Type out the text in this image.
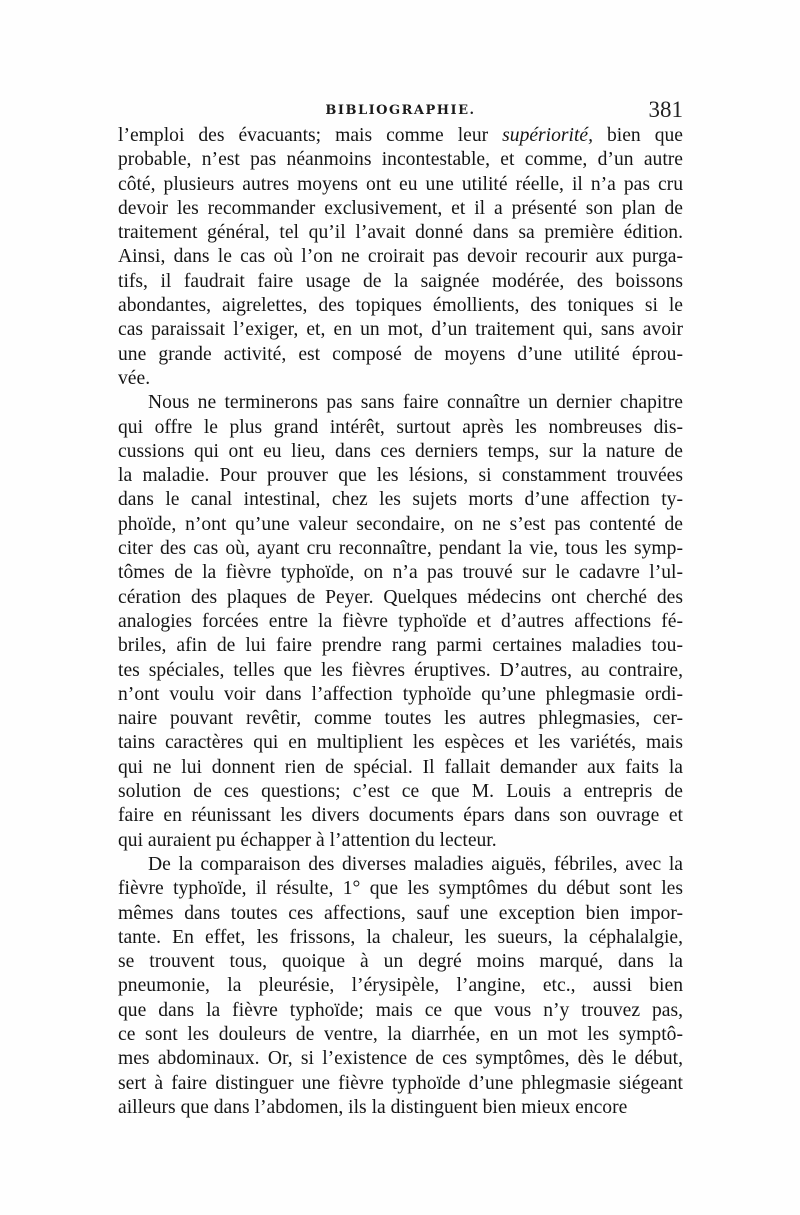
BIBLIOGRAPHIE.	381
l’emploi des évacuants; mais comme leur supériorité, bien que
probable, n’est pas néanmoins incontestable, et comme, d’un autre
côté, plusieurs autres moyens ont eu une utilité réelle, il n’a pas cru
devoir les recommander exclusivement, et il a présenté son plan de
traitement général, tel qu’il l’avait donné dans sa première édition.
Ainsi, dans le cas où l’on ne croirait pas devoir recourir aux purga-
tifs, il faudrait faire usage de la saignée modérée, des boissons
abondantes, aigrelettes, des topiques émollients, des toniques si le
cas paraissait l’exiger, et, en un mot, d’un traitement qui, sans avoir
une grande activité, est composé de moyens d’une utilité éprou-
vée.
Nous ne terminerons pas sans faire connaître un dernier chapitre
qui offre le plus grand intérêt, surtout après les nombreuses dis-
cussions qui ont eu lieu, dans ces derniers temps, sur la nature de
la maladie. Pour prouver que les lésions, si constamment trouvées
dans le canal intestinal, chez les sujets morts d’une affection ty-
phoïde, n’ont qu’une valeur secondaire, on ne s’est pas contenté de
citer des cas où, ayant cru reconnaître, pendant la vie, tous les symp-
tômes de la fièvre typhoïde, on n’a pas trouvé sur le cadavre l’ul-
cération des plaques de Peyer. Quelques médecins ont cherché des
analogies forcées entre la fièvre typhoïde et d’autres affections fé-
briles, afin de lui faire prendre rang parmi certaines maladies tou-
tes spéciales, telles que les fièvres éruptives. D’autres, au contraire,
n’ont voulu voir dans l’affection typhoïde qu’une phlegmasie ordi-
naire pouvant revêtir, comme toutes les autres phlegmasies, cer-
tains caractères qui en multiplient les espèces et les variétés, mais
qui ne lui donnent rien de spécial. Il fallait demander aux faits la
solution de ces questions; c’est ce que M. Louis a entrepris de
faire en réunissant les divers documents épars dans son ouvrage et
qui auraient pu échapper à l’attention du lecteur.
De la comparaison des diverses maladies aiguës, fébriles, avec la
fièvre typhoïde, il résulte, 1° que les symptômes du début sont les
mêmes dans toutes ces affections, sauf une exception bien impor-
tante. En effet, les frissons, la chaleur, les sueurs, la céphalalgie,
se trouvent tous, quoique à un degré moins marqué, dans la
pneumonie, la pleurésie, l’érysipèle, l’angine, etc., aussi bien
que dans la fièvre typhoïde; mais ce que vous n’y trouvez pas,
ce sont les douleurs de ventre, la diarrhée, en un mot les symptô-
mes abdominaux. Or, si l’existence de ces symptômes, dès le début,
sert à faire distinguer une fièvre typhoïde d’une phlegmasie siégeant
ailleurs que dans l’abdomen, ils la distinguent bien mieux encore
